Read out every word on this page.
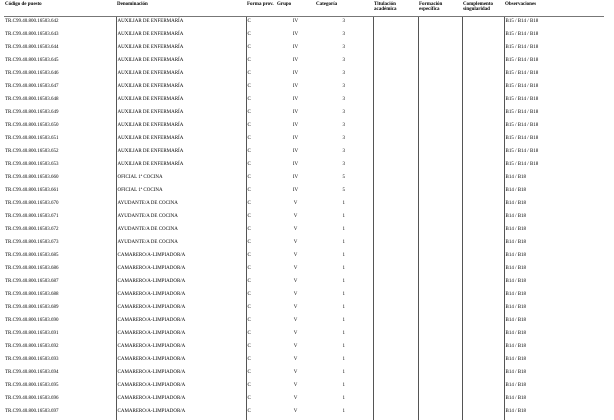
Código de puesto	Denominación	Forma prov.	Grupo	Categoría	Titulación académica	Formación específica	Complemento singularidad	Observaciones
TR.C99.40.800.16503.642	AUXILIAR DE ENFERMARÍA	C	IV	3				B15 / B14 / B18
TR.C99.40.800.16503.643	AUXILIAR DE ENFERMARÍA	C	IV	3				B15 / B14 / B18
TR.C99.40.800.16503.644	AUXILIAR DE ENFERMARÍA	C	IV	3				B15 / B14 / B18
TR.C99.40.800.16503.645	AUXILIAR DE ENFERMARÍA	C	IV	3				B15 / B14 / B18
TR.C99.40.800.16503.646	AUXILIAR DE ENFERMARÍA	C	IV	3				B15 / B14 / B18
TR.C99.40.800.16503.647	AUXILIAR DE ENFERMARÍA	C	IV	3				B15 / B14 / B18
TR.C99.40.800.16503.648	AUXILIAR DE ENFERMARÍA	C	IV	3				B15 / B14 / B18
TR.C99.40.800.16503.649	AUXILIAR DE ENFERMARÍA	C	IV	3				B15 / B14 / B18
TR.C99.40.800.16503.650	AUXILIAR DE ENFERMARÍA	C	IV	3				B15 / B14 / B18
TR.C99.40.800.16503.651	AUXILIAR DE ENFERMARÍA	C	IV	3				B15 / B14 / B18
TR.C99.40.800.16503.652	AUXILIAR DE ENFERMARÍA	C	IV	3				B15 / B14 / B18
TR.C99.40.800.16503.653	AUXILIAR DE ENFERMARÍA	C	IV	3				B15 / B14 / B18
TR.C99.40.800.16503.660	OFICIAL 1ª COCINA	C	IV	5				B14 / B18
TR.C99.40.800.16503.661	OFICIAL 1ª COCINA	C	IV	5				B14 / B18
TR.C99.40.800.16503.670	AYUDANTE/A DE COCINA	C	V	1				B14 / B18
TR.C99.40.800.16503.671	AYUDANTE/A DE COCINA	C	V	1				B14 / B18
TR.C99.40.800.16503.672	AYUDANTE/A DE COCINA	C	V	1				B14 / B18
TR.C99.40.800.16503.673	AYUDANTE/A DE COCINA	C	V	1				B14 / B18
TR.C99.40.800.16503.685	CAMARERO/A-LIMPIADOR/A	C	V	1				B14 / B18
TR.C99.40.800.16503.686	CAMARERO/A-LIMPIADOR/A	C	V	1				B14 / B18
TR.C99.40.800.16503.687	CAMARERO/A-LIMPIADOR/A	C	V	1				B14 / B18
TR.C99.40.800.16503.688	CAMARERO/A-LIMPIADOR/A	C	V	1				B14 / B18
TR.C99.40.800.16503.689	CAMARERO/A-LIMPIADOR/A	C	V	1				B14 / B18
TR.C99.40.800.16503.690	CAMARERO/A-LIMPIADOR/A	C	V	1				B14 / B18
TR.C99.40.800.16503.691	CAMARERO/A-LIMPIADOR/A	C	V	1				B14 / B18
TR.C99.40.800.16503.692	CAMARERO/A-LIMPIADOR/A	C	V	1				B14 / B18
TR.C99.40.800.16503.693	CAMARERO/A-LIMPIADOR/A	C	V	1				B14 / B18
TR.C99.40.800.16503.694	CAMARERO/A-LIMPIADOR/A	C	V	1				B14 / B18
TR.C99.40.800.16503.695	CAMARERO/A-LIMPIADOR/A	C	V	1				B14 / B18
TR.C99.40.800.16503.696	CAMARERO/A-LIMPIADOR/A	C	V	1				B14 / B18
TR.C99.40.800.16503.697	CAMARERO/A-LIMPIADOR/A	C	V	1				B14 / B18
